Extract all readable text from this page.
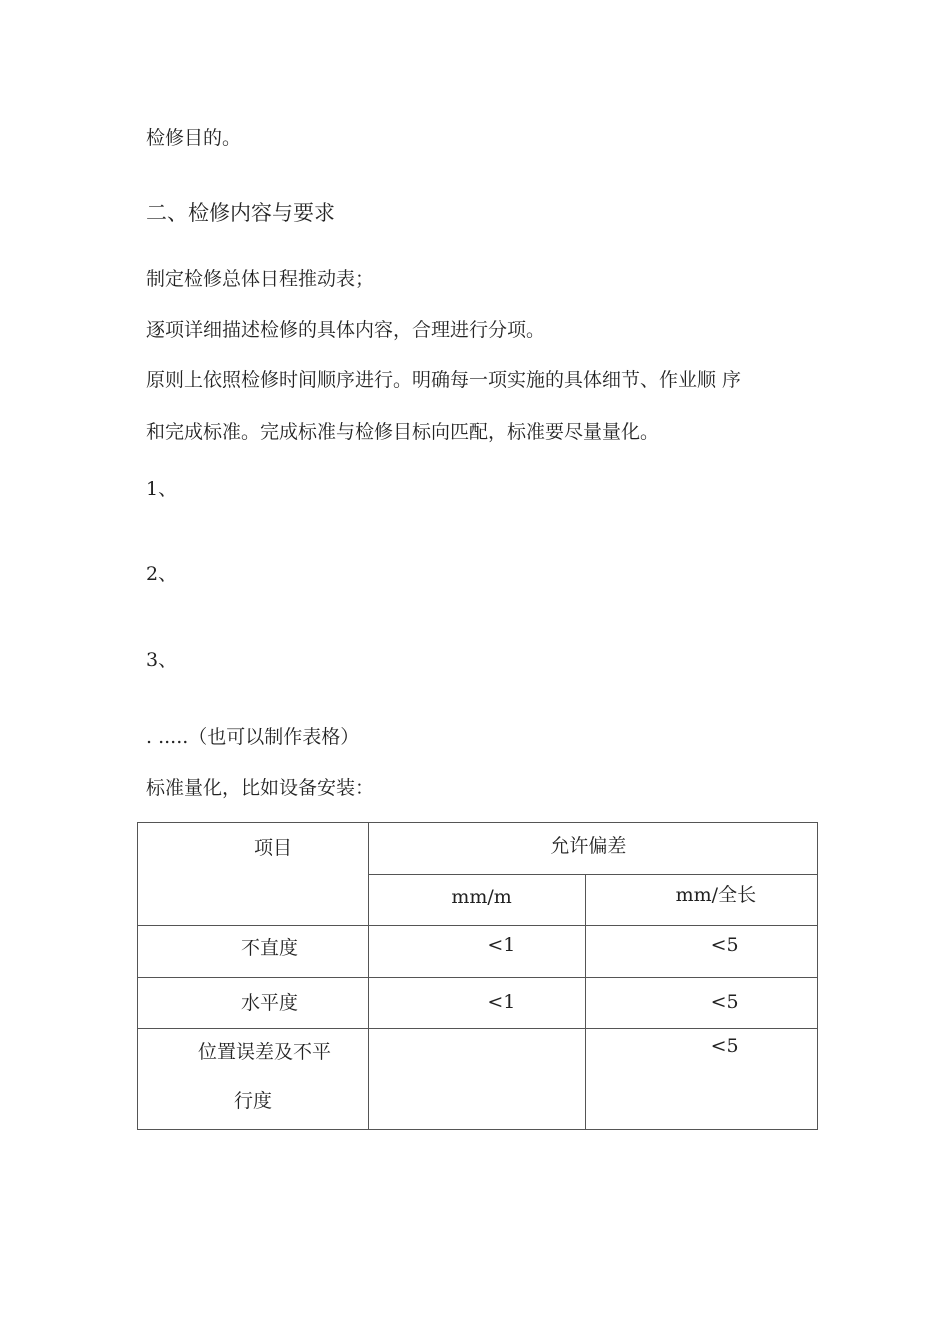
检修目的。
二、检修内容与要求
制定检修总体日程推动表；
逐项详细描述检修的具体内容，合理进行分项。
原则上依照检修时间顺序进行。明确每一项实施的具体细节、作业顺 序
和完成标准。完成标准与检修目标向匹配，标准要尽量量化。
1、
2、
3、
. .....（也可以制作表格）
标准量化，比如设备安装：
项目	允许偏差	

	mm/m	mm/全长

不直度	<1	<5

水平度	<1	<5

位置误差及不平
行度		<5
